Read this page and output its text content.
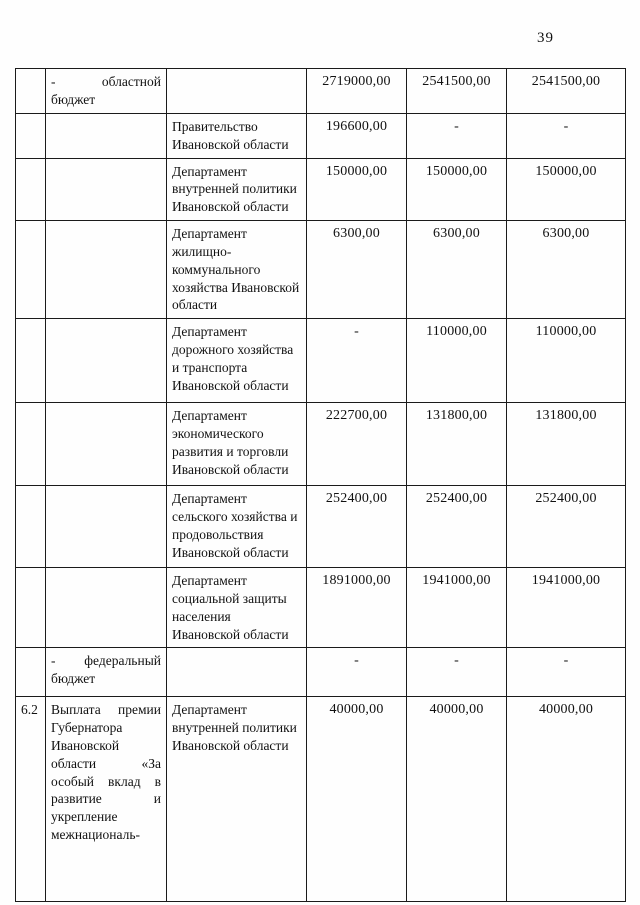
39
	- областной бюджет		2719000,00	2541500,00	2541500,00
		Правительство Ивановской области	196600,00	-	-
		Департамент внутренней политики Ивановской области	150000,00	150000,00	150000,00
		Департамент жилищно-коммунального хозяйства Ивановской области	6300,00	6300,00	6300,00
		Департамент дорожного хозяйства и транспорта Ивановской области	-	110000,00	110000,00
		Департамент экономического развития и торговли Ивановской области	222700,00	131800,00	131800,00
		Департамент сельского хозяйства и продовольствия Ивановской области	252400,00	252400,00	252400,00
		Департамент социальной защиты населения Ивановской области	1891000,00	1941000,00	1941000,00
	- федеральный бюджет		-	-	-
6.2	Выплата премии Губернатора Ивановской области «За особый вклад в развитие и укрепление межнациональ-	Департамент внутренней политики Ивановской области	40000,00	40000,00	40000,00
